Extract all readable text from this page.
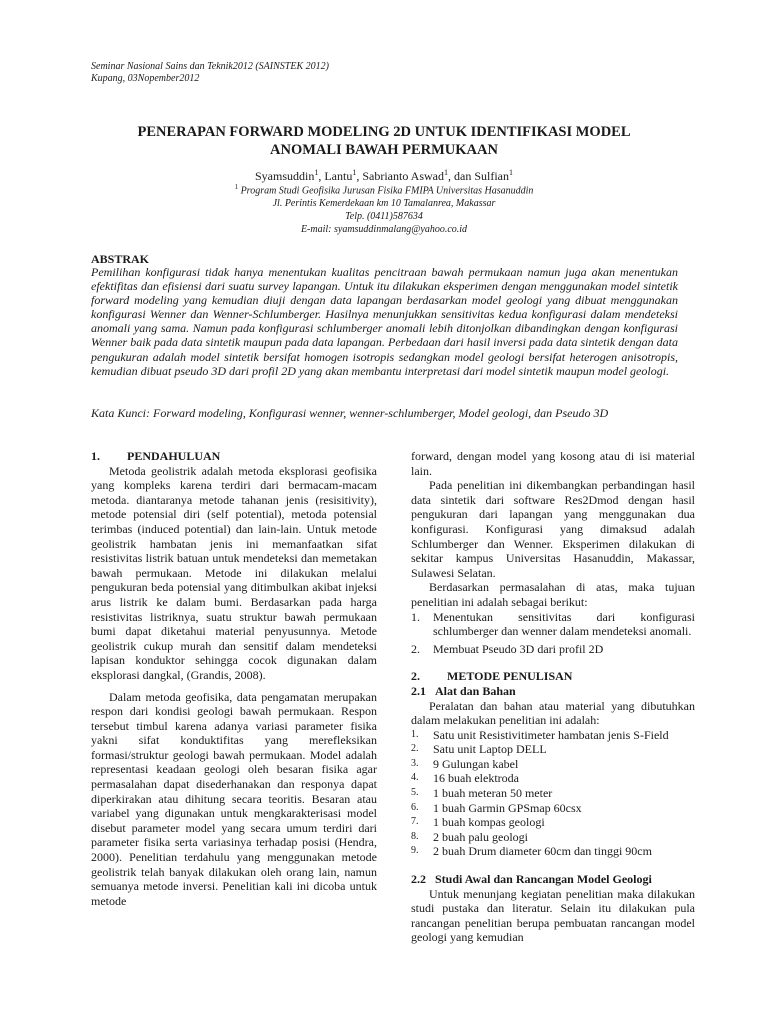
Seminar Nasional Sains dan Teknik2012 (SAINSTEK 2012)
Kupang, 03Nopember2012
PENERAPAN FORWARD MODELING 2D UNTUK IDENTIFIKASI MODEL
ANOMALI BAWAH PERMUKAAN
Syamsuddin$^1$, Lantu$^1$, Sabrianto Aswad$^1$, dan Sulfian$^1$
$^1$ Program Studi Geofisika Jurusan Fisika FMIPA Universitas Hasanuddin
Jl. Perintis Kemerdekaan km 10 Tamalanrea, Makassar
Telp. (0411)587634
E-mail: syamsuddinmalang@yahoo.co.id
ABSTRAK
Pemilihan konfigurasi tidak hanya menentukan kualitas pencitraan bawah permukaan namun juga akan menentukan efektifitas dan efisiensi dari suatu survey lapangan. Untuk itu dilakukan eksperimen dengan menggunakan model sintetik forward modeling yang kemudian diuji dengan data lapangan berdasarkan model geologi yang dibuat menggunakan konfigurasi Wenner dan Wenner-Schlumberger. Hasilnya menunjukkan sensitivitas kedua konfigurasi dalam mendeteksi anomali yang sama. Namun pada konfigurasi schlumberger anomali lebih ditonjolkan dibandingkan dengan konfigurasi Wenner baik pada data sintetik maupun pada data lapangan. Perbedaan dari hasil inversi pada data sintetik dengan data pengukuran adalah model sintetik bersifat homogen isotropis sedangkan model geologi bersifat heterogen anisotropis, kemudian dibuat pseudo 3D dari profil 2D yang akan membantu interpretasi dari model sintetik maupun model geologi.
Kata Kunci: Forward modeling, Konfigurasi wenner, wenner-schlumberger, Model geologi, dan Pseudo 3D
1. PENDAHULUAN

Metoda geolistrik adalah metoda eksplorasi geofisika yang kompleks karena terdiri dari bermacam-macam metoda. diantaranya metode tahanan jenis (resisitivity), metode potensial diri (self potential), metoda potensial terimbas (induced potential) dan lain-lain. Untuk metode geolistrik hambatan jenis ini memanfaatkan sifat resistivitas listrik batuan untuk mendeteksi dan memetakan bawah permukaan. Metode ini dilakukan melalui pengukuran beda potensial yang ditimbulkan akibat injeksi arus listrik ke dalam bumi. Berdasarkan pada harga resistivitas listriknya, suatu struktur bawah permukaan bumi dapat diketahui material penyusunnya. Metode geolistrik cukup murah dan sensitif dalam mendeteksi lapisan konduktor sehingga cocok digunakan dalam eksplorasi dangkal, (Grandis, 2008).

Dalam metoda geofisika, data pengamatan merupakan respon dari kondisi geologi bawah permukaan. Respon tersebut timbul karena adanya variasi parameter fisika yakni sifat konduktifitas yang merefleksikan formasi/struktur geologi bawah permukaan. Model adalah representasi keadaan geologi oleh besaran fisika agar permasalahan dapat disederhanakan dan responya dapat diperkirakan atau dihitung secara teoritis. Besaran atau variabel yang digunakan untuk mengkarakterisasi model disebut parameter model yang secara umum terdiri dari parameter fisika serta variasinya terhadap posisi (Hendra, 2000). Penelitian terdahulu yang menggunakan metode geolistrik telah banyak dilakukan oleh orang lain, namun semuanya metode inversi. Penelitian kali ini dicoba untuk metode

forward, dengan model yang kosong atau di isi material lain.

Pada penelitian ini dikembangkan perbandingan hasil data sintetik dari software Res2Dmod dengan hasil pengukuran dari lapangan yang menggunakan dua konfigurasi. Konfigurasi yang dimaksud adalah Schlumberger dan Wenner. Eksperimen dilakukan di sekitar kampus Universitas Hasanuddin, Makassar, Sulawesi Selatan.

Berdasarkan permasalahan di atas, maka tujuan penelitian ini adalah sebagai berikut:

1.	Menentukan sensitivitas dari konfigurasi schlumberger dan wenner dalam mendeteksi anomali.
2.	Membuat Pseudo 3D dari profil 2D
2. METODE PENULISAN
2.1 Alat dan Bahan

Peralatan dan bahan atau material yang dibutuhkan dalam melakukan penelitian ini adalah:

1.	Satu unit Resistivitimeter hambatan jenis S-Field
2.	Satu unit Laptop DELL
3.	9 Gulungan kabel
4.	16 buah elektroda
5.	1 buah meteran 50 meter
6.	1 buah Garmin GPSmap 60csx
7.	1 buah kompas geologi
8.	2 buah palu geologi
9.	2 buah Drum diameter 60cm dan tinggi 90cm
2.2 Studi Awal dan Rancangan Model Geologi

Untuk menunjang kegiatan penelitian maka dilakukan studi pustaka dan literatur. Selain itu dilakukan pula rancangan penelitian berupa pembuatan rancangan model geologi yang kemudian
